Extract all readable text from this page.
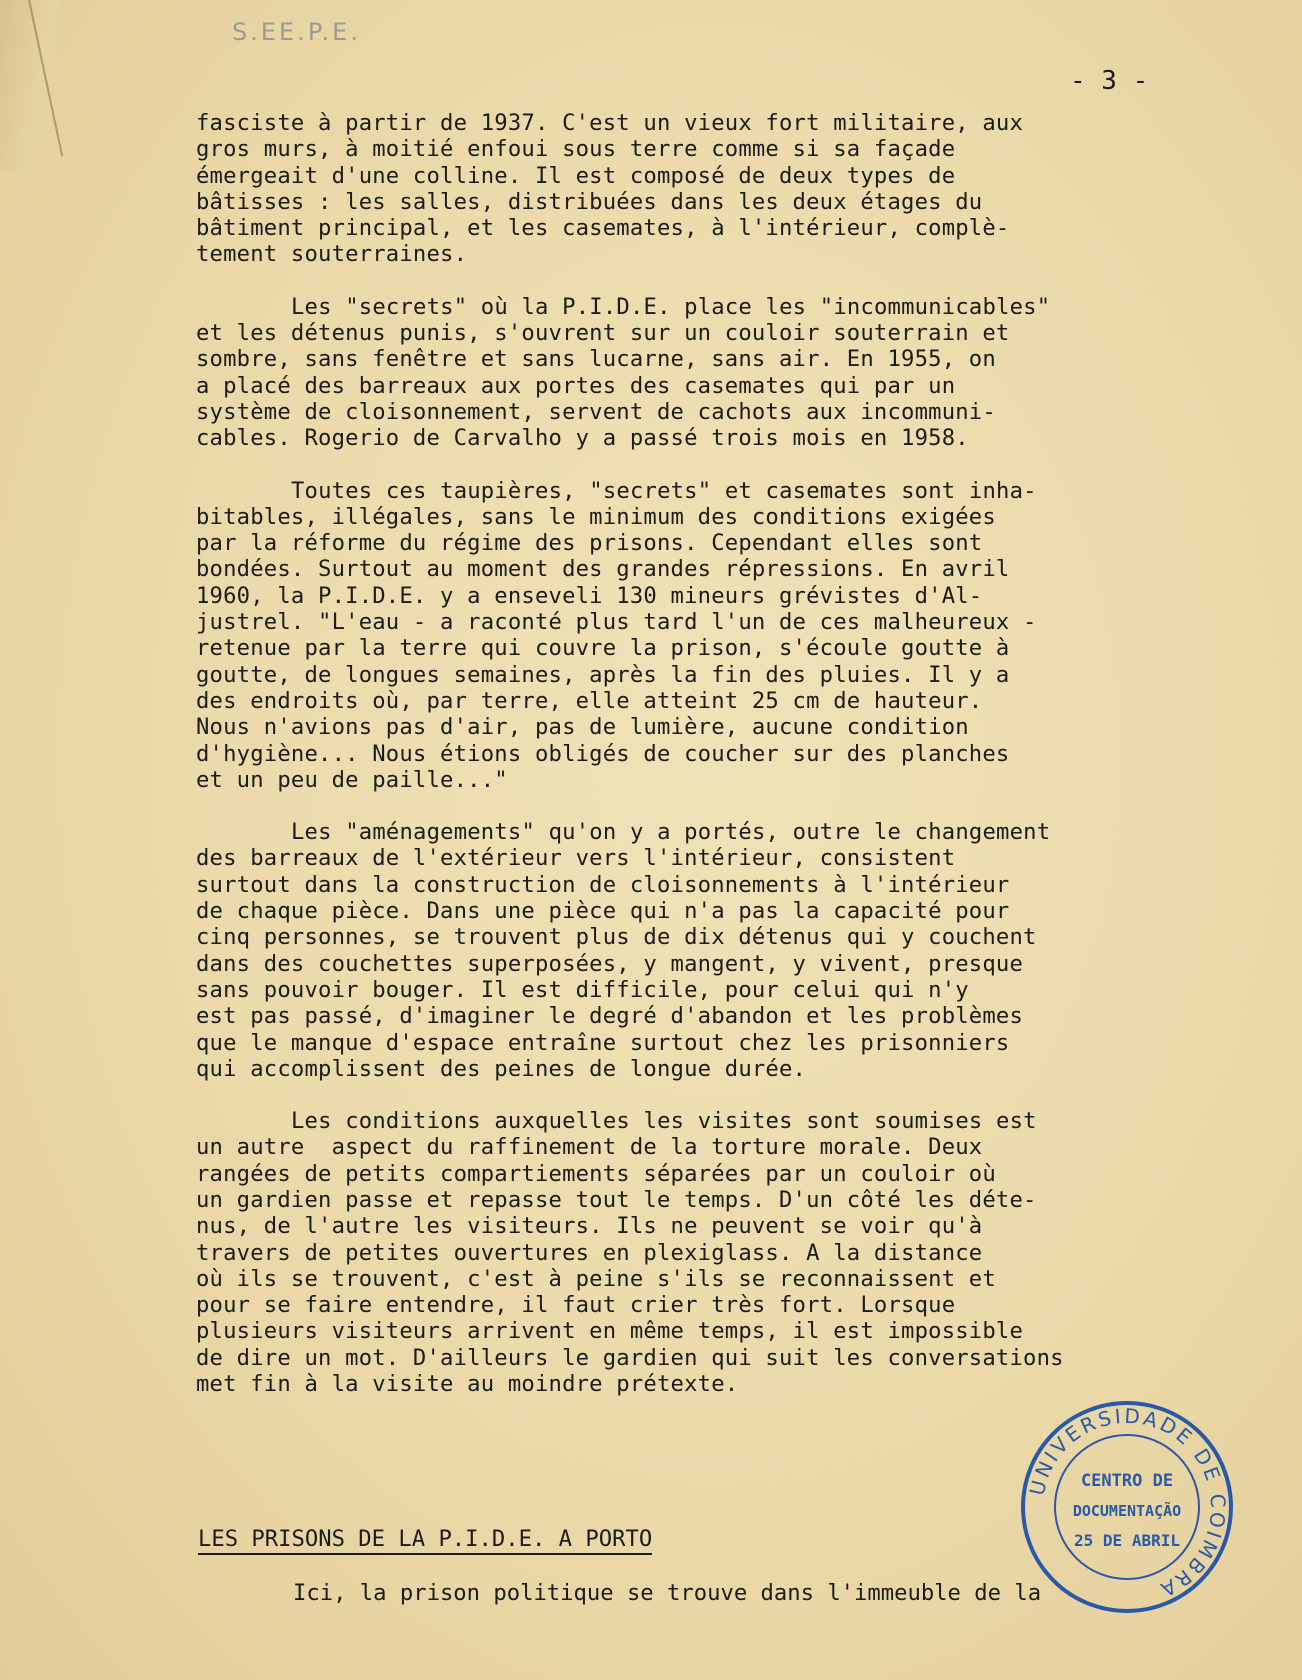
S.EE.P.E.
- 3 -
fasciste à partir de 1937. C'est un vieux fort militaire, aux
gros murs, à moitié enfoui sous terre comme si sa façade
émergeait d'une colline. Il est composé de deux types de
bâtisses : les salles, distribuées dans les deux étages du
bâtiment principal, et les casemates, à l'intérieur, complè-
tement souterraines.
Les "secrets" où la P.I.D.E. place les "incommunicables"
et les détenus punis, s'ouvrent sur un couloir souterrain et
sombre, sans fenêtre et sans lucarne, sans air. En 1955, on
a placé des barreaux aux portes des casemates qui par un
système de cloisonnement, servent de cachots aux incommuni-
cables. Rogerio de Carvalho y a passé trois mois en 1958.
Toutes ces taupières, "secrets" et casemates sont inha-
bitables, illégales, sans le minimum des conditions exigées
par la réforme du régime des prisons. Cependant elles sont
bondées. Surtout au moment des grandes répressions. En avril
1960, la P.I.D.E. y a enseveli 130 mineurs grévistes d'Al-
justrel. "L'eau - a raconté plus tard l'un de ces malheureux -
retenue par la terre qui couvre la prison, s'écoule goutte à
goutte, de longues semaines, après la fin des pluies. Il y a
des endroits où, par terre, elle atteint 25 cm de hauteur.
Nous n'avions pas d'air, pas de lumière, aucune condition
d'hygiène... Nous étions obligés de coucher sur des planches
et un peu de paille..."
Les "aménagements" qu'on y a portés, outre le changement
des barreaux de l'extérieur vers l'intérieur, consistent
surtout dans la construction de cloisonnements à l'intérieur
de chaque pièce. Dans une pièce qui n'a pas la capacité pour
cinq personnes, se trouvent plus de dix détenus qui y couchent
dans des couchettes superposées, y mangent, y vivent, presque
sans pouvoir bouger. Il est difficile, pour celui qui n'y
est pas passé, d'imaginer le degré d'abandon et les problèmes
que le manque d'espace entraîne surtout chez les prisonniers
qui accomplissent des peines de longue durée.
Les conditions auxquelles les visites sont soumises est
un autre  aspect du raffinement de la torture morale. Deux
rangées de petits compartiements séparées par un couloir où
un gardien passe et repasse tout le temps. D'un côté les déte-
nus, de l'autre les visiteurs. Ils ne peuvent se voir qu'à
travers de petites ouvertures en plexiglass. A la distance
où ils se trouvent, c'est à peine s'ils se reconnaissent et
pour se faire entendre, il faut crier très fort. Lorsque
plusieurs visiteurs arrivent en même temps, il est impossible
de dire un mot. D'ailleurs le gardien qui suit les conversations
met fin à la visite au moindre prétexte.
LES PRISONS DE LA P.I.D.E. A PORTO
Ici, la prison politique se trouve dans l'immeuble de la
UNIVERSIDADE DE COIMBRA
CENTRO DE
DOCUMENTAÇÃO
25 DE ABRIL
